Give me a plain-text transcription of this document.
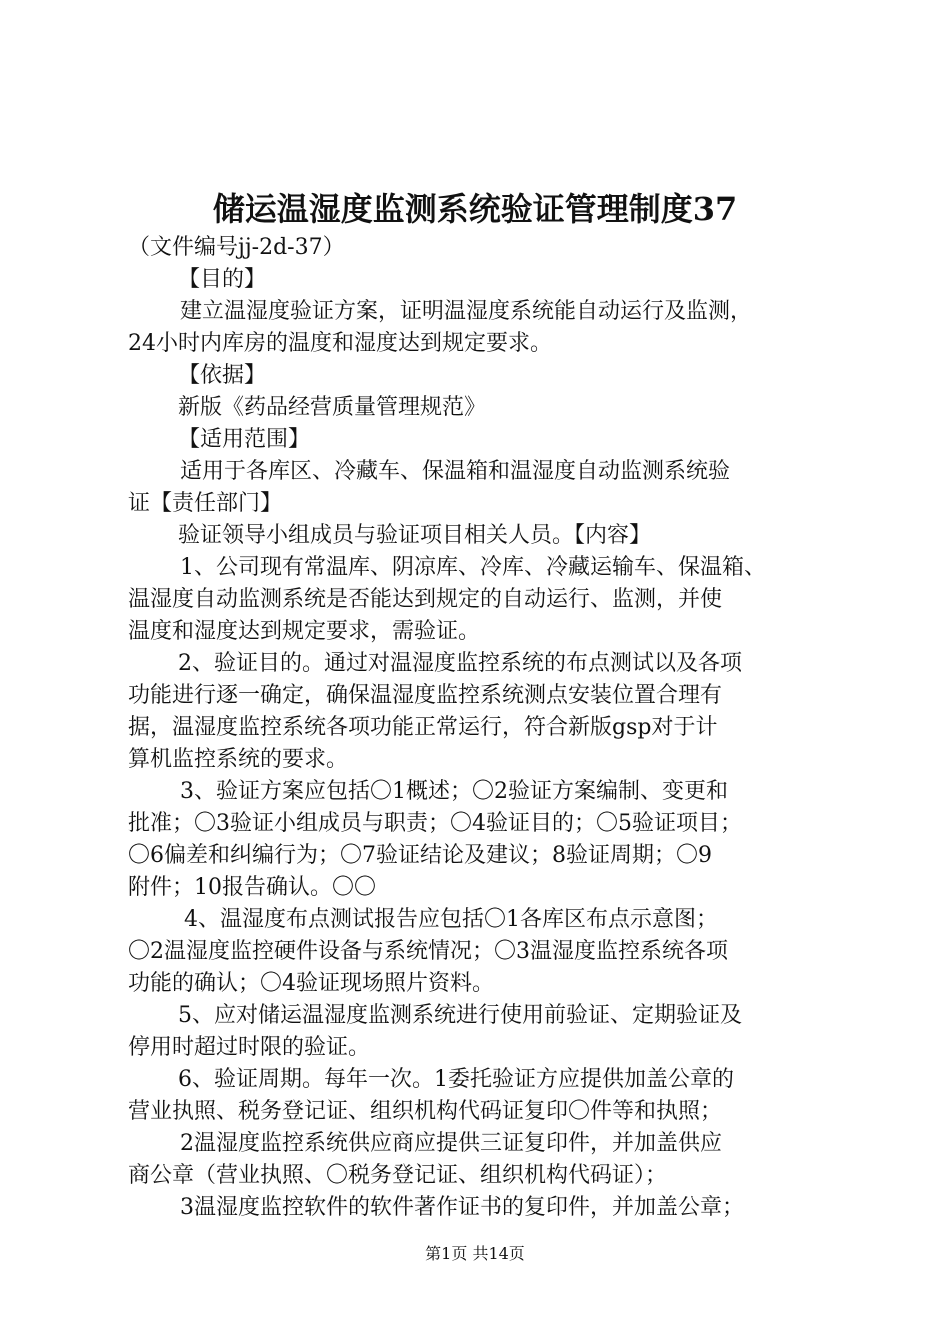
储运温湿度监测系统验证管理制度37
（文件编号jj-2d-37）
【目的】
建立温湿度验证方案，证明温湿度系统能自动运行及监测，
24小时内库房的温度和湿度达到规定要求。
【依据】
新版《药品经营质量管理规范》
【适用范围】
适用于各库区、冷藏车、保温箱和温湿度自动监测系统验
证【责任部门】
验证领导小组成员与验证项目相关人员。【内容】
1、公司现有常温库、阴凉库、冷库、冷藏运输车、保温箱、
温湿度自动监测系统是否能达到规定的自动运行、监测，并使
温度和湿度达到规定要求，需验证。
2、验证目的。通过对温湿度监控系统的布点测试以及各项
功能进行逐一确定，确保温湿度监控系统测点安装位置合理有
据，温湿度监控系统各项功能正常运行，符合新版gsp对于计
算机监控系统的要求。
3、验证方案应包括〇1概述；〇2验证方案编制、变更和
批准；〇3验证小组成员与职责；〇4验证目的；〇5验证项目；
〇6偏差和纠编行为；〇7验证结论及建议；8验证周期；〇9
附件；10报告确认。〇〇
4、温湿度布点测试报告应包括〇1各库区布点示意图；
〇2温湿度监控硬件设备与系统情况；〇3温湿度监控系统各项
功能的确认；〇4验证现场照片资料。
5、应对储运温湿度监测系统进行使用前验证、定期验证及
停用时超过时限的验证。
6、验证周期。每年一次。1委托验证方应提供加盖公章的
营业执照、税务登记证、组织机构代码证复印〇件等和执照；
2温湿度监控系统供应商应提供三证复印件，并加盖供应
商公章（营业执照、〇税务登记证、组织机构代码证）；
3温湿度监控软件的软件著作证书的复印件，并加盖公章；
第1页 共14页
